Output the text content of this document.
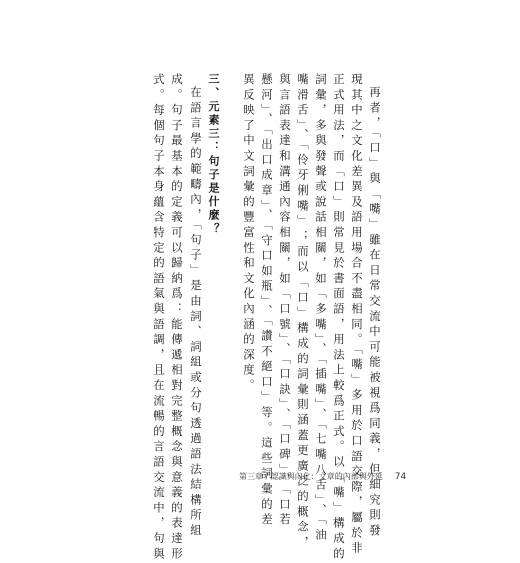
再者，「口」與「嘴」雖在日常交流中可能被視爲同義，但細究則發
現其中之文化差異及語用場合不盡相同。「嘴」多用於口語交際，屬於非
正式用法，而「口」則常見於書面語，用法上較爲正式。以「嘴」構成的
詞彙，多與發聲或說話相關，如「多嘴」、「插嘴」、「七嘴八舌」、「油
嘴滑舌」、「伶牙俐嘴」；而以「口」構成的詞彙則涵蓋更廣泛的概念，
與言語表達和溝通內容相關，如「口號」、「口訣」、「口碑」、「口若
懸河」、「出口成章」、「守口如瓶」、「讚不絕口」等。這些詞彙的差
異反映了中文詞彙的豐富性和文化內涵的深度。
三、元素三：句子是什麼？
在語言學的範疇內，「句子」是由詞、詞組或分句透過語法結構所組
成。句子最基本的定義可以歸納爲：能傳遞相對完整概念與意義的表達形
式。每個句子本身蘊含特定的語氣與語調，且在流暢的言語交流中，句與	第三章 / 認識與內化：文章的內部與外延 74
